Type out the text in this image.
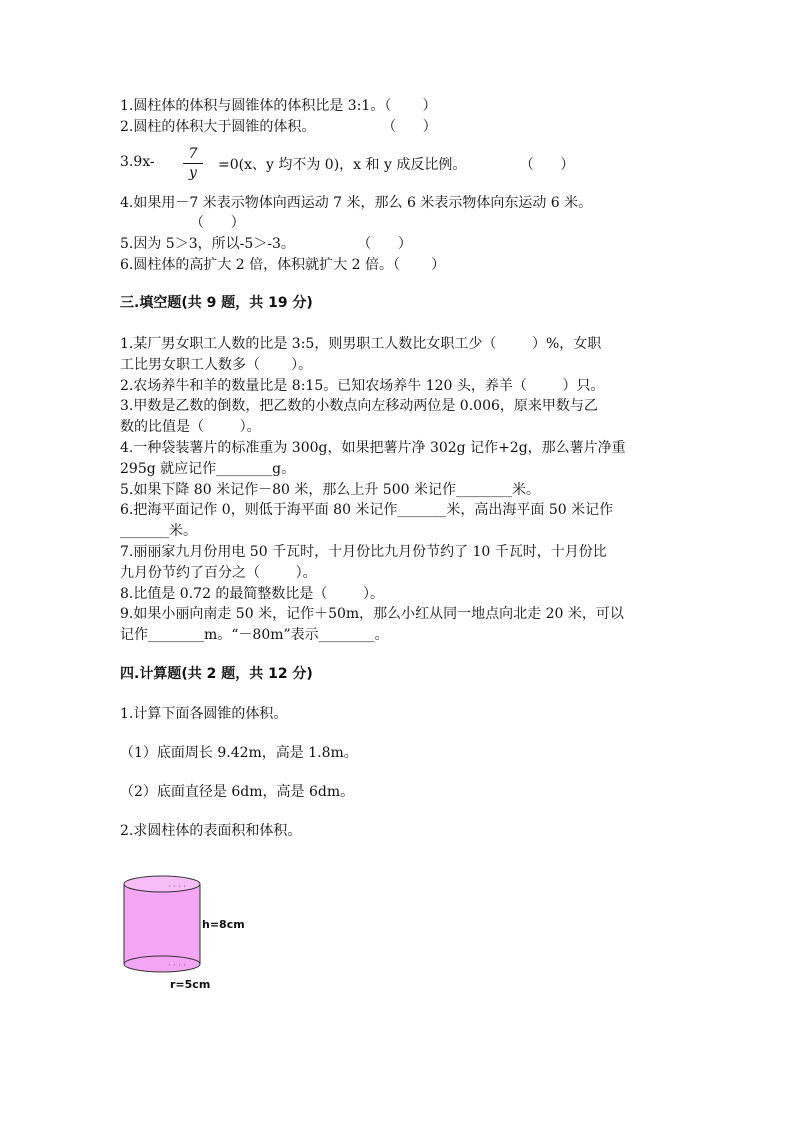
1.圆柱体的体积与圆锥体的体积比是 3:1。（       ）
2.圆柱的体积大于圆锥的体积。               （      ）
3.9x-	7
y	=0(x、y 均不为 0)，x 和 y 成反比例。            （      ）
4.如果用－7 米表示物体向西运动 7 米，那么 6 米表示物体向东运动 6 米。
（      ）
5.因为 5＞3，所以-5＞-3。              （      ）
6.圆柱体的高扩大 2 倍，体积就扩大 2 倍。（       ）
三.填空题(共 9 题，共 19 分)
1.某厂男女职工人数的比是 3:5，则男职工人数比女职工少（        ）%，女职
工比男女职工人数多（       ）。
2.农场养牛和羊的数量比是 8:15。已知农场养牛 120 头，养羊（        ）只。
3.甲数是乙数的倒数，把乙数的小数点向左移动两位是 0.006，原来甲数与乙
数的比值是（        ）。
4.一种袋装薯片的标准重为 300g，如果把薯片净 302g 记作+2g，那么薯片净重
295g 就应记作________g。
5.如果下降 80 米记作－80 米，那么上升 500 米记作________米。
6.把海平面记作 0，则低于海平面 80 米记作_______米，高出海平面 50 米记作
_______米。
7.丽丽家九月份用电 50 千瓦时，十月份比九月份节约了 10 千瓦时，十月份比
九月份节约了百分之（        ）。
8.比值是 0.72 的最简整数比是（        ）。
9.如果小丽向南走 50 米，记作＋50m，那么小红从同一地点向北走 20 米，可以
记作________m。“－80m”表示________。
四.计算题(共 2 题，共 12 分)
1.计算下面各圆锥的体积。
（1）底面周长 9.42m，高是 1.8m。
（2）底面直径是 6dm，高是 6dm。
2.求圆柱体的表面积和体积。
· · · ·
· · · ·
h=8cm
r=5cm
